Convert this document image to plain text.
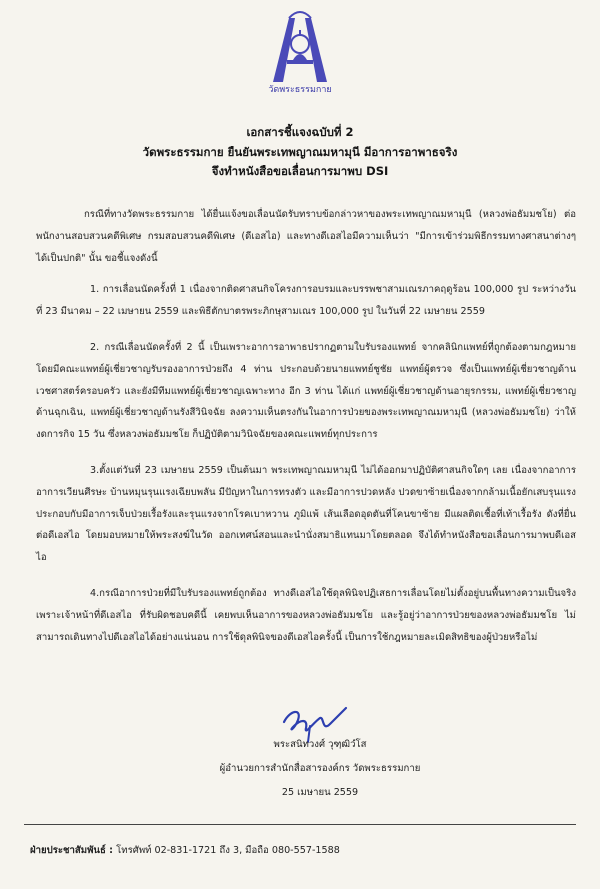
วัดพระธรรมกาย
เอกสารชี้แจงฉบับที่ 2
วัดพระธรรมกาย ยืนยันพระเทพญาณมหามุนี มีอาการอาพาธจริง
จึงทำหนังสือขอเลื่อนการมาพบ DSI

กรณีที่ทางวัดพระธรรมกาย ได้ยื่นแจ้งขอเลื่อนนัดรับทราบข้อกล่าวหาของพระเทพญาณมหามุนี (หลวงพ่อธัมมชโย) ต่อ พนักงานสอบสวนคดีพิเศษ กรมสอบสวนคดีพิเศษ (ดีเอสไอ) และทางดีเอสไอมีความเห็นว่า "มีการเข้าร่วมพิธีกรรมทางศาสนาต่างๆ ได้เป็นปกติ" นั้น ขอชี้แจงดังนี้

1. การเลื่อนนัดครั้งที่ 1 เนื่องจากติดศาสนกิจโครงการอบรมและบรรพชาสามเณรภาคฤดูร้อน 100,000 รูป ระหว่างวันที่ 23 มีนาคม – 22 เมษายน 2559 และพิธีตักบาตรพระภิกษุสามเณร 100,000 รูป ในวันที่ 22 เมษายน 2559

2. กรณีเลื่อนนัดครั้งที่ 2 นี้ เป็นเพราะอาการอาพาธปรากฏตามใบรับรองแพทย์ จากคลินิกแพทย์ที่ถูกต้องตามกฎหมาย โดยมีคณะแพทย์ผู้เชี่ยวชาญรับรองอาการป่วยถึง 4 ท่าน ประกอบด้วยนายแพทย์ชูชัย แพทย์ผู้ตรวจ ซึ่งเป็นแพทย์ผู้เชี่ยวชาญด้านเวชศาสตร์ครอบครัว และยังมีทีมแพทย์ผู้เชี่ยวชาญเฉพาะทาง อีก 3 ท่าน ได้แก่ แพทย์ผู้เชี่ยวชาญด้านอายุรกรรม, แพทย์ผู้เชี่ยวชาญด้านฉุกเฉิน, แพทย์ผู้เชี่ยวชาญด้านรังสีวินิจฉัย ลงความเห็นตรงกันในอาการป่วยของพระเทพญาณมหามุนี (หลวงพ่อธัมมชโย) ว่าให้งดการกิจ 15 วัน ซึ่งหลวงพ่อธัมมชโย ก็ปฏิบัติตามวินิจฉัยของคณะแพทย์ทุกประการ

3.ตั้งแต่วันที่ 23 เมษายน 2559 เป็นต้นมา พระเทพญาณมหามุนี ไม่ได้ออกมาปฏิบัติศาสนกิจใดๆ เลย เนื่องจากอาการอาการเวียนศีรษะ บ้านหมุนรุนแรงเฉียบพลัน มีปัญหาในการทรงตัว และมีอาการปวดหลัง ปวดขาซ้ายเนื่องจากกล้ามเนื้อยักเสบรุนแรง ประกอบกับมีอาการเจ็บป่วยเรื้อรังและรุนแรงจากโรคเบาหวาน ภูมิแพ้ เส้นเลือดอุดตันที่โคนขาซ้าย มีแผลติดเชื้อที่เท้าเรื้อรัง ดังที่ยื่นต่อดีเอสไอ โดยมอบหมายให้พระสงฆ์ในวัด ออกเทศน์สอนและนำนั่งสมาธิแทนมาโดยตลอด จึงได้ทำหนังสือขอเลื่อนการมาพบดีเอสไอ

4.กรณีอาการป่วยที่มีใบรับรองแพทย์ถูกต้อง ทางดีเอสไอใช้ดุลพินิจปฏิเสธการเลื่อนโดยไม่ตั้งอยู่บนพื้นทางความเป็นจริง เพราะเจ้าหน้าที่ดีเอสไอ ที่รับผิดชอบคดีนี้ เคยพบเห็นอาการของหลวงพ่อธัมมชโย และรู้อยู่ว่าอาการป่วยของหลวงพ่อธัมมชโย ไม่สามารถเดินทางไปดีเอสไอได้อย่างแน่นอน การใช้ดุลพินิจของดีเอสไอครั้งนี้ เป็นการใช้กฎหมายละเมิดสิทธิของผู้ป่วยหรือไม่

พระสนิทวงศ์ วุฑฺฒิวํโส
ผู้อำนวยการสำนักสื่อสารองค์กร วัดพระธรรมกาย
25 เมษายน 2559
ฝ่ายประชาสัมพันธ์ : โทรศัพท์ 02-831-1721 ถึง 3, มือถือ 080-557-1588
